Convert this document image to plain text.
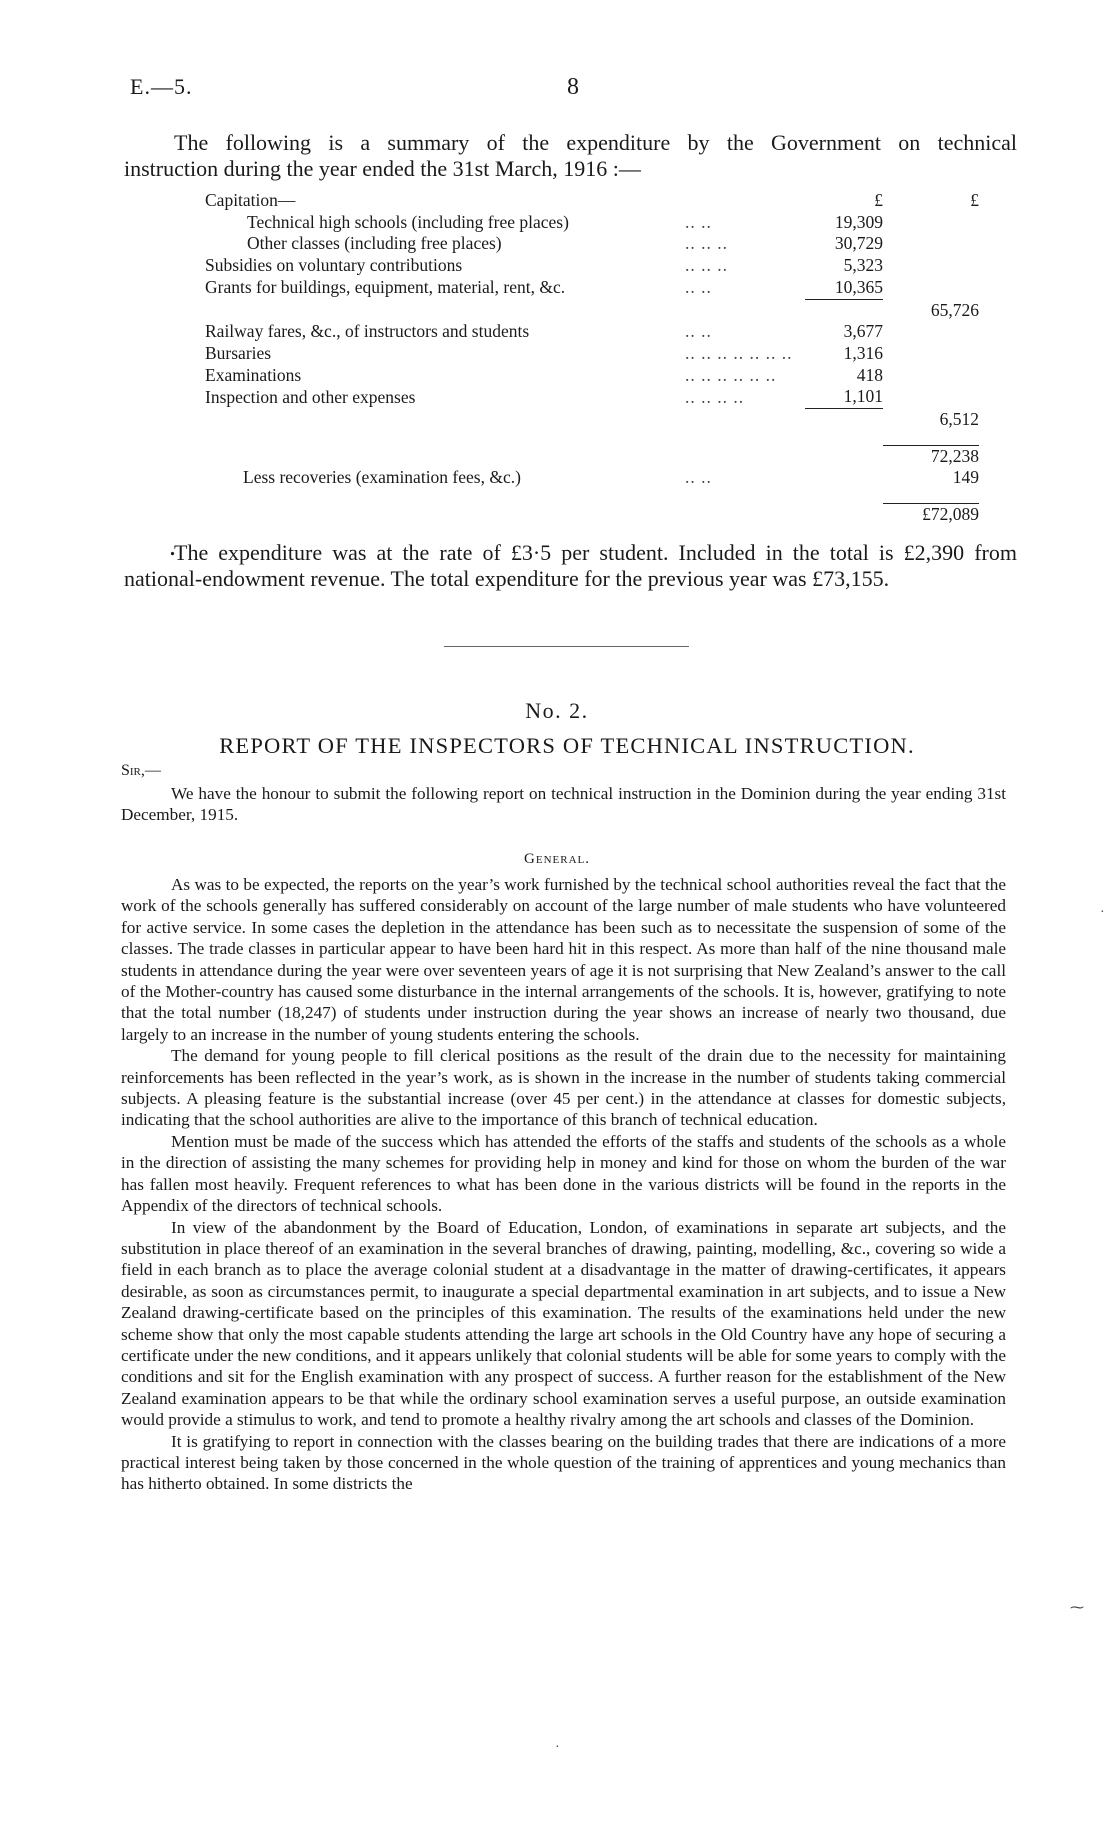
E.—5.	8
The following is a summary of the expenditure by the Government on technical
instruction during the year ended the 31st March, 1916 :—
Capitation—		£	£
Technical high schools (including free places)	.. ..	19,309	
Other classes (including free places)	.. .. ..	30,729	
Subsidies on voluntary contributions	.. .. ..	5,323	
Grants for buildings, equipment, material, rent, &c.	.. ..	10,365	
			65,726
Railway fares, &c., of instructors and students	.. ..	3,677	
Bursaries	.. .. .. .. .. .. ..	1,316	
Examinations	.. .. .. .. .. ..	418	
Inspection and other expenses	.. .. .. ..	1,101	
			6,512

			72,238
Less recoveries (examination fees, &c.)	.. ..		149

			£72,089
.
The expenditure was at the rate of £3·5 per student. Included in the total is £2,390 from national-endowment revenue. The total expenditure for the previous year was £73,155.
No. 2.
REPORT OF THE INSPECTORS OF TECHNICAL INSTRUCTION.
Sir,—

We have the honour to submit the following report on technical instruction in the Dominion during the year ending 31st December, 1915.

General.

As was to be expected, the reports on the year’s work furnished by the technical school authorities reveal the fact that the work of the schools generally has suffered considerably on account of the large number of male students who have volunteered for active service. In some cases the depletion in the attendance has been such as to necessitate the suspension of some of the classes. The trade classes in particular appear to have been hard hit in this respect. As more than half of the nine thousand male students in attendance during the year were over seventeen years of age it is not surprising that New Zealand’s answer to the call of the Mother-country has caused some disturbance in the internal arrangements of the schools. It is, however, gratifying to note that the total number (18,247) of students under instruction during the year shows an increase of nearly two thousand, due largely to an increase in the number of young students entering the schools.

The demand for young people to fill clerical positions as the result of the drain due to the necessity for maintaining reinforcements has been reflected in the year’s work, as is shown in the increase in the number of students taking commercial subjects. A pleasing feature is the substantial increase (over 45 per cent.) in the attendance at classes for domestic subjects, indicating that the school authorities are alive to the importance of this branch of technical education.

Mention must be made of the success which has attended the efforts of the staffs and students of the schools as a whole in the direction of assisting the many schemes for providing help in money and kind for those on whom the burden of the war has fallen most heavily. Frequent references to what has been done in the various districts will be found in the reports in the Appendix of the directors of technical schools.

In view of the abandonment by the Board of Education, London, of examinations in separate art subjects, and the substitution in place thereof of an examination in the several branches of drawing, painting, modelling, &c., covering so wide a field in each branch as to place the average colonial student at a disadvantage in the matter of drawing-certificates, it appears desirable, as soon as circumstances permit, to inaugurate a special departmental examination in art subjects, and to issue a New Zealand drawing-certificate based on the principles of this examination. The results of the examinations held under the new scheme show that only the most capable students attending the large art schools in the Old Country have any hope of securing a certificate under the new conditions, and it appears unlikely that colonial students will be able for some years to comply with the conditions and sit for the English examination with any prospect of success. A further reason for the establishment of the New Zealand examination appears to be that while the ordinary school examination serves a useful purpose, an outside examination would provide a stimulus to work, and tend to promote a healthy rivalry among the art schools and classes of the Dominion.

It is gratifying to report in connection with the classes bearing on the building trades that there are indications of a more practical interest being taken by those concerned in the whole question of the training of apprentices and young mechanics than has hitherto obtained. In some districts the

·
⁓
·
